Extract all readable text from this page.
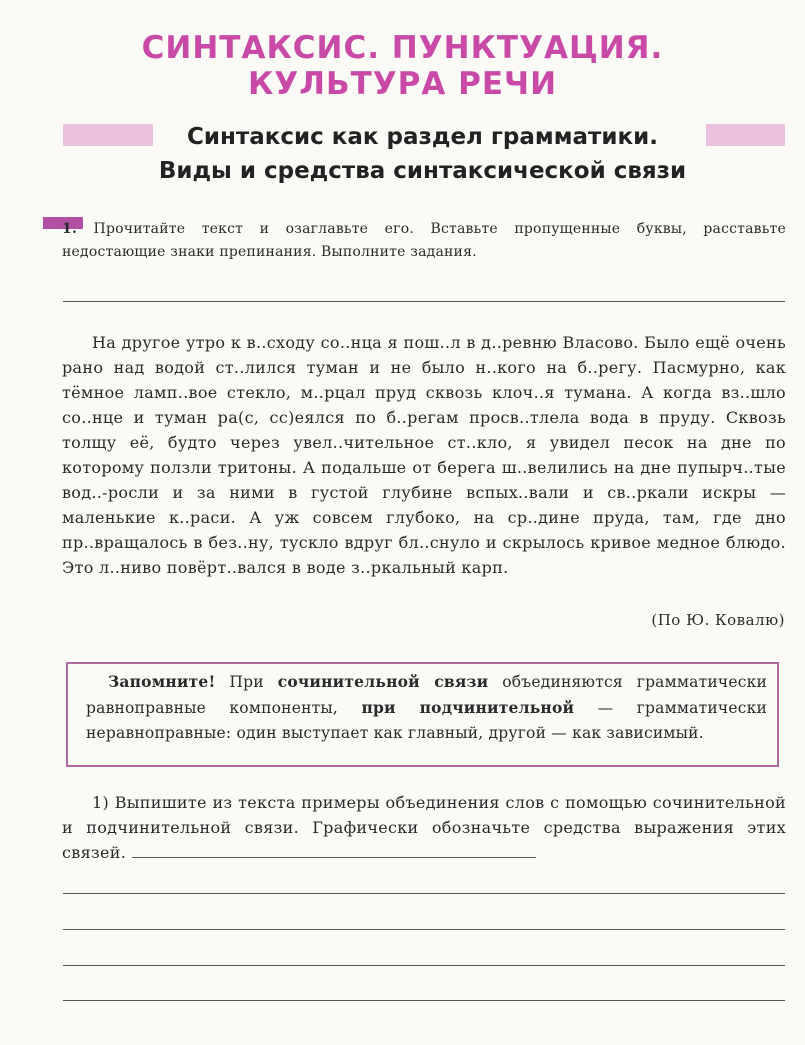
СИНТАКСИС. ПУНКТУАЦИЯ.
КУЛЬТУРА РЕЧИ
Синтаксис как раздел грамматики.
Виды и средства синтаксической связи
1. Прочитайте текст и озаглавьте его. Вставьте пропущенные буквы, расставьте недостающие знаки препинания. Выполните задания.
На другое утро к в..сходу со..нца я пош..л в д..ревню Власово. Было ещё очень рано над водой ст..лился туман и не было н..кого на б..регу. Пасмурно, как тёмное ламп..вое стекло, м..рцал пруд сквозь клоч..я тумана. А когда вз..шло со..нце и туман ра(с, сс)еялся по б..регам просв..тлела вода в пруду. Сквозь толщу её, будто через увел..чительное ст..кло, я увидел песок на дне по которому ползли тритоны. А подальше от берега ш..велились на дне пупырч..тые вод..-росли и за ними в густой глубине вспых..вали и св..ркали искры — маленькие к..раси. А уж совсем глубоко, на ср..дине пруда, там, где дно пр..вращалось в без..ну, тускло вдруг бл..снуло и скрылось кривое медное блюдо. Это л..ниво повёрт..вался в воде з..ркальный карп.
(По Ю. Ковалю)
Запомните! При сочинительной связи объединяются грамматически равноправные компоненты, при подчинительной — грамматически неравноправные: один выступает как главный, другой — как зависимый.
1) Выпишите из текста примеры объединения слов с помощью сочинительной и подчинительной связи. Графически обозначьте средства выражения этих связей.
